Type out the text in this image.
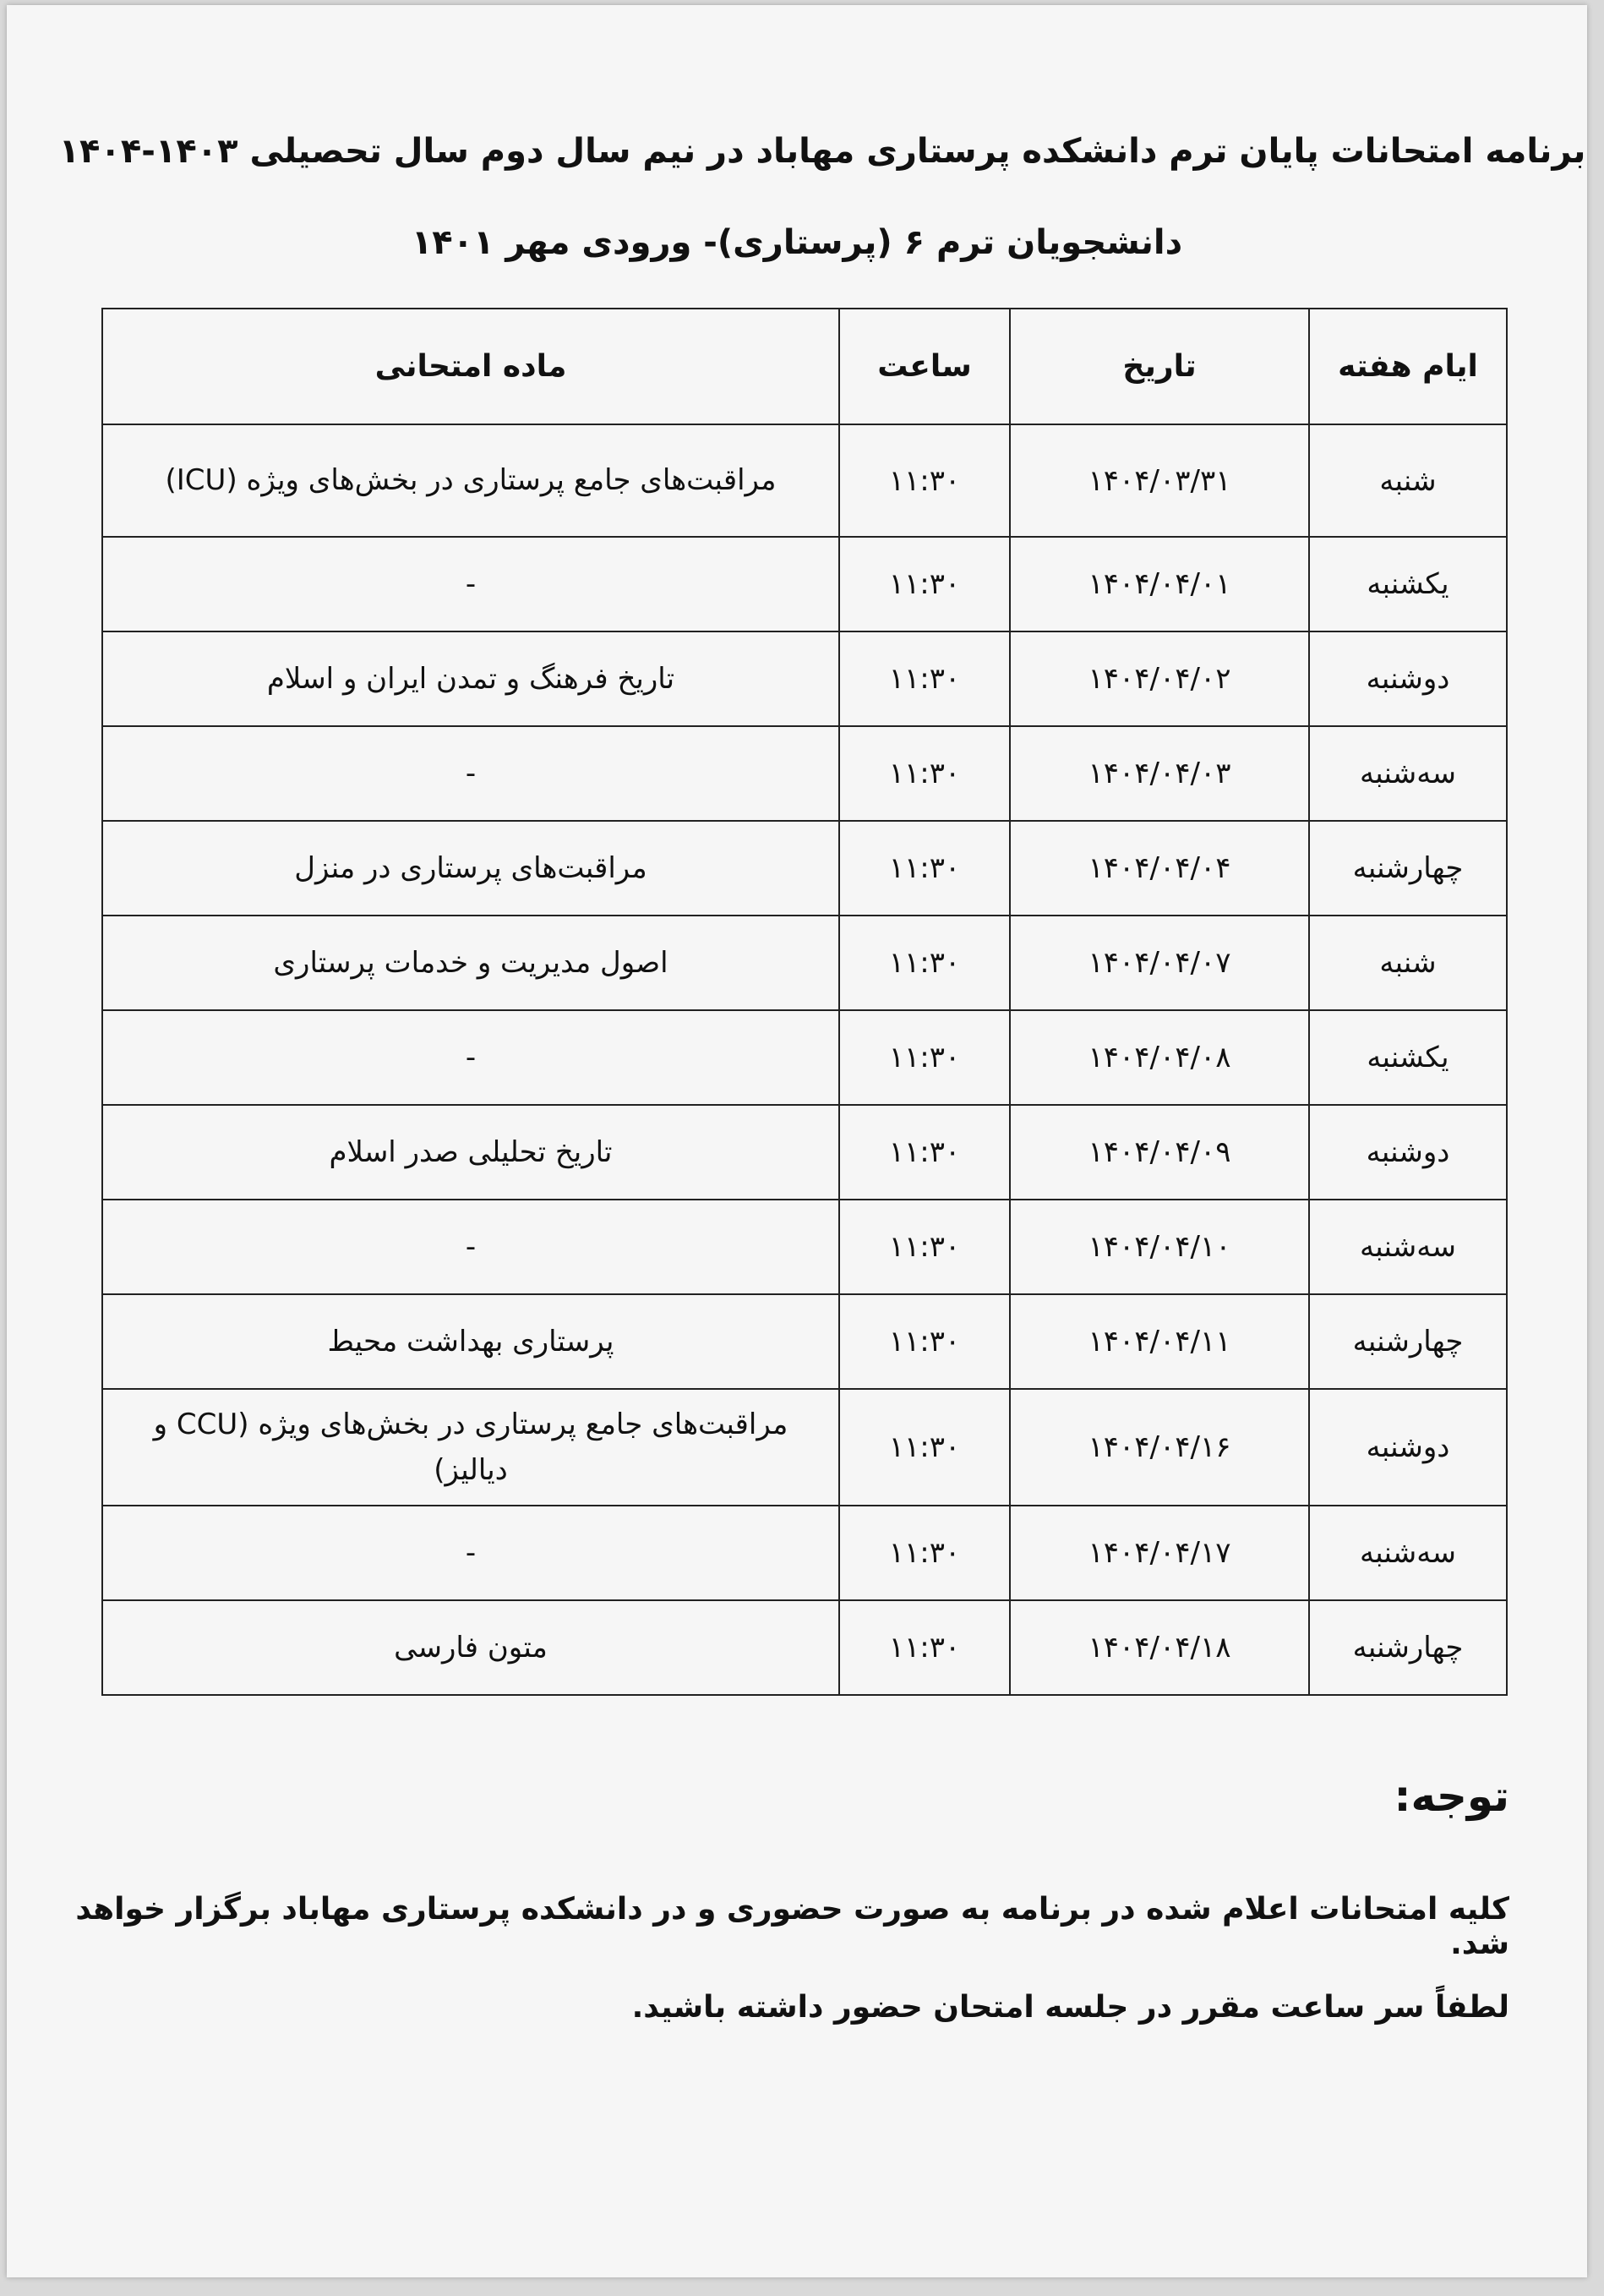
برنامه امتحانات پایان ترم دانشکده پرستاری مهاباد در نیم سال دوم سال تحصیلی ۱۴۰۳-۱۴۰۴
دانشجویان ترم ۶ (پرستاری)- ورودی مهر ۱۴۰۱
ایام هفته	تاریخ	ساعت	ماده امتحانی
شنبه	۱۴۰۴/۰۳/۳۱	۱۱:۳۰	مراقبت‌های جامع پرستاری در بخش‌های ویژه (ICU)
یکشنبه	۱۴۰۴/۰۴/۰۱	۱۱:۳۰	-
دوشنبه	۱۴۰۴/۰۴/۰۲	۱۱:۳۰	تاریخ فرهنگ و تمدن ایران و اسلام
سه‌شنبه	۱۴۰۴/۰۴/۰۳	۱۱:۳۰	-
چهارشنبه	۱۴۰۴/۰۴/۰۴	۱۱:۳۰	مراقبت‌های پرستاری در منزل
شنبه	۱۴۰۴/۰۴/۰۷	۱۱:۳۰	اصول مدیریت و خدمات پرستاری
یکشنبه	۱۴۰۴/۰۴/۰۸	۱۱:۳۰	-
دوشنبه	۱۴۰۴/۰۴/۰۹	۱۱:۳۰	تاریخ تحلیلی صدر اسلام
سه‌شنبه	۱۴۰۴/۰۴/۱۰	۱۱:۳۰	-
چهارشنبه	۱۴۰۴/۰۴/۱۱	۱۱:۳۰	پرستاری بهداشت محیط
دوشنبه	۱۴۰۴/۰۴/۱۶	۱۱:۳۰	مراقبت‌های جامع پرستاری در بخش‌های ویژه (CCU و دیالیز)
سه‌شنبه	۱۴۰۴/۰۴/۱۷	۱۱:۳۰	-
چهارشنبه	۱۴۰۴/۰۴/۱۸	۱۱:۳۰	متون فارسی
توجه:
کلیه امتحانات اعلام شده در برنامه به صورت حضوری و در دانشکده پرستاری مهاباد برگزار خواهد شد.
لطفاً سر ساعت مقرر در جلسه امتحان حضور داشته باشید.
